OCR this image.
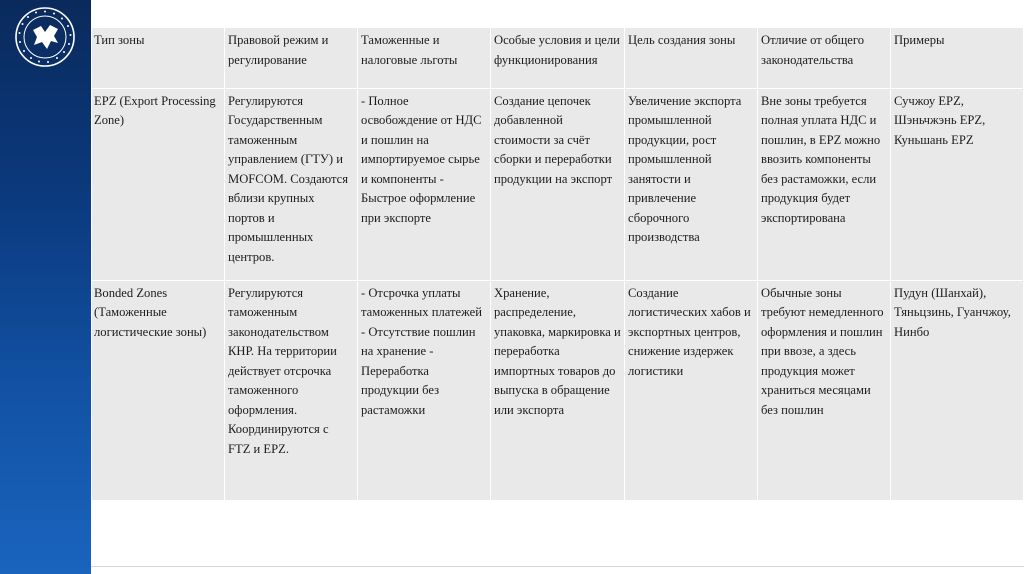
Тип зоны	Правовой режим и регулирование	Таможенные и налоговые льготы	Особые условия и цели функционирования	Цель создания зоны	Отличие от общего законодательства	Примеры
EPZ (Export Processing Zone)	Регулируются Государственным таможенным управлением (ГТУ) и MOFCOM. Создаются вблизи крупных портов и промышленных центров.	- Полное освобождение от НДС и пошлин на импортируемое сырье и компоненты - Быстрое оформление при экспорте	Создание цепочек добавленной стоимости за счёт сборки и переработки продукции на экспорт	Увеличение экспорта промышленной продукции, рост промышленной занятости и привлечение сборочного производства	Вне зоны требуется полная уплата НДС и пошлин, в EPZ можно ввозить компоненты без растаможки, если продукция будет экспортирована	Сучжоу EPZ, Шэньчжэнь EPZ, Куньшань EPZ
Bonded Zones (Таможенные логистические зоны)	Регулируются таможенным законодательством КНР. На территории действует отсрочка таможенного оформления. Координируются с FTZ и EPZ.	- Отсрочка уплаты таможенных платежей - Отсутствие пошлин на хранение - Переработка продукции без растаможки	Хранение, распределение, упаковка, маркировка и переработка импортных товаров до выпуска в обращение или экспорта	Создание логистических хабов и экспортных центров, снижение издержек логистики	Обычные зоны требуют немедленного оформления и пошлин при ввозе, а здесь продукция может храниться месяцами без пошлин	Пудун (Шанхай), Тяньцзинь, Гуанчжоу, Нинбо
